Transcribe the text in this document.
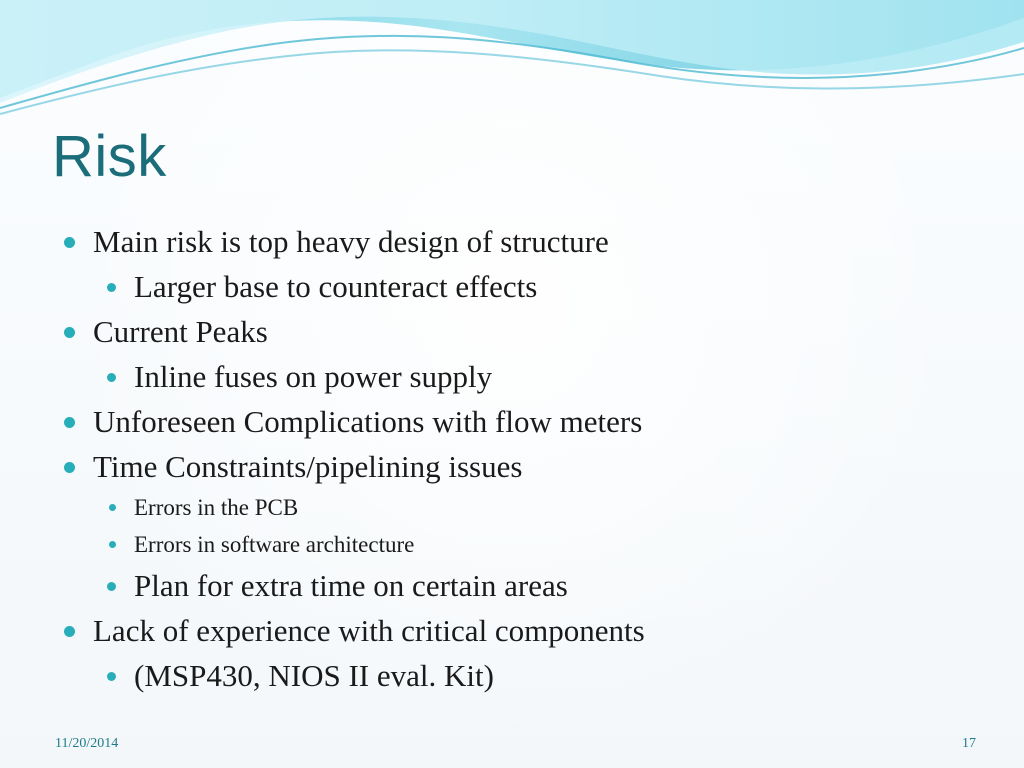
Risk
Main risk is top heavy design of structure
Larger base to counteract effects
Current Peaks
Inline fuses on power supply
Unforeseen Complications with flow meters
Time Constraints/pipelining issues
Errors in the PCB
Errors in software architecture
Plan for extra time on certain areas
Lack of experience with critical components
(MSP430, NIOS II eval. Kit)
11/20/2014	17
